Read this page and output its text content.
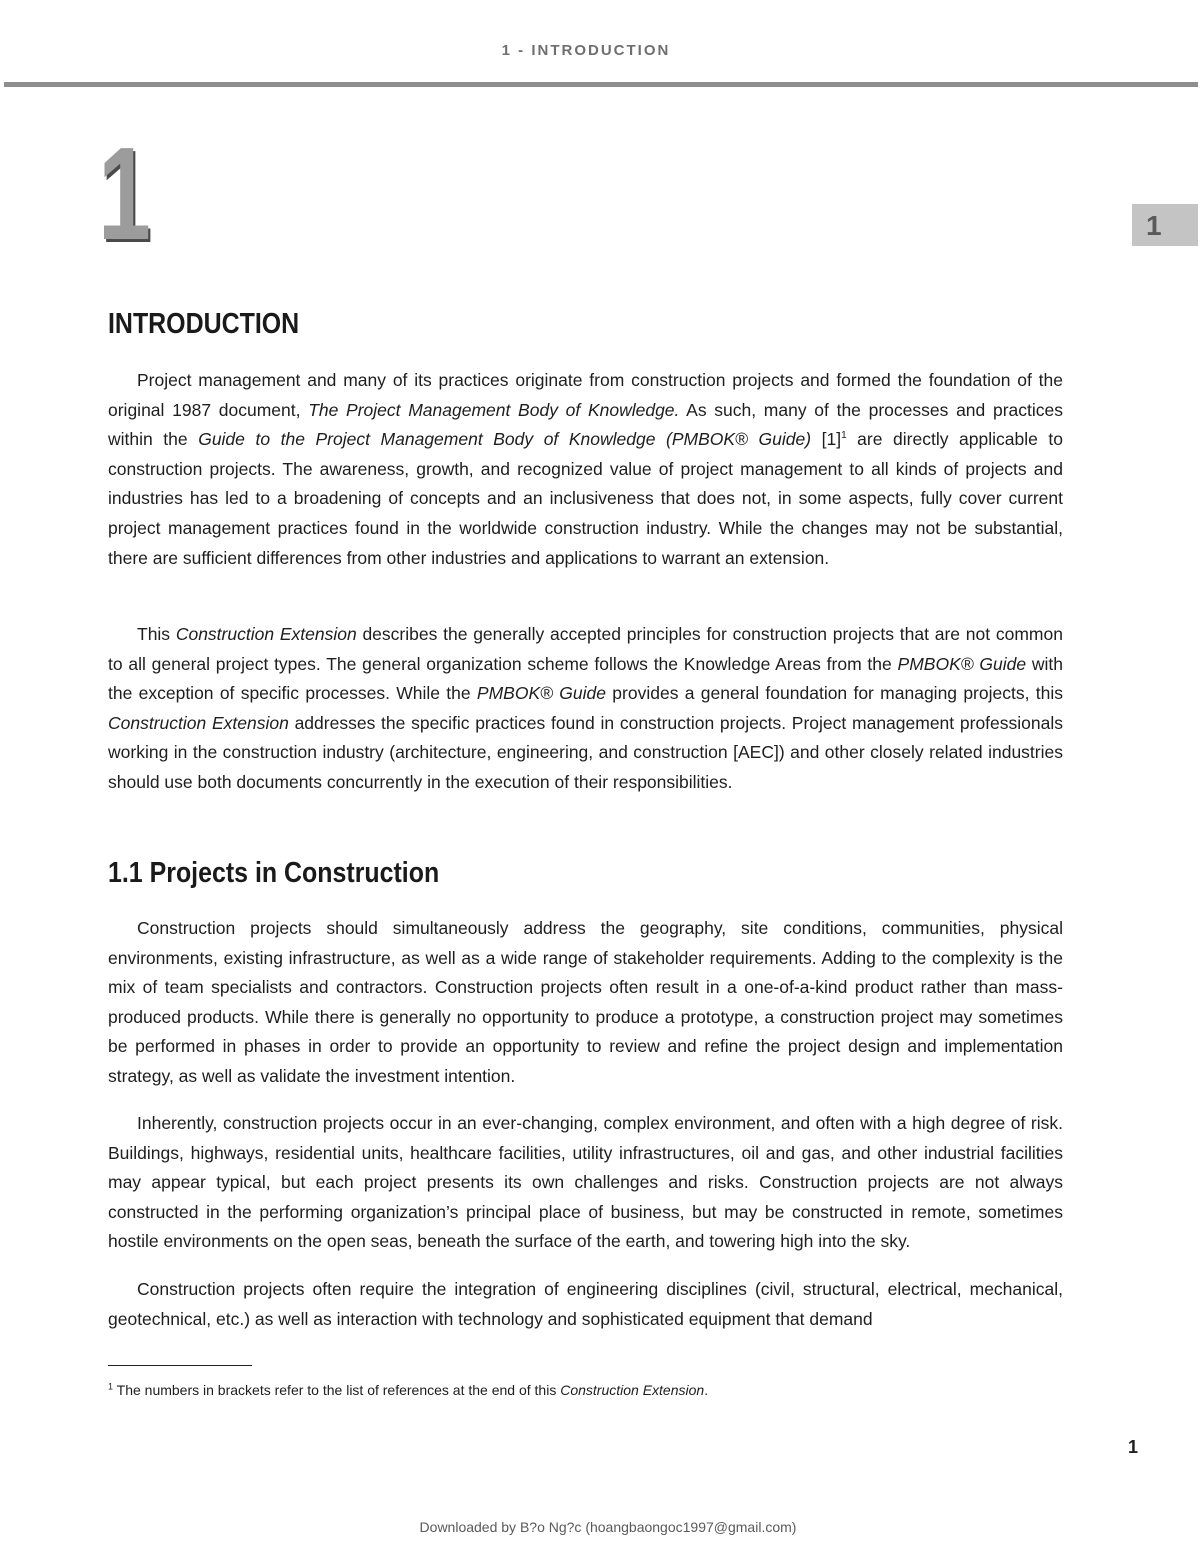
1 - INTRODUCTION
1	1
INTRODUCTION

Project management and many of its practices originate from construction projects and formed the foundation of the original 1987 document, The Project Management Body of Knowledge. As such, many of the processes and practices within the Guide to the Project Management Body of Knowledge (PMBOK® Guide) $[1]^1$ are directly applicable to construction projects. The awareness, growth, and recognized value of project management to all kinds of projects and industries has led to a broadening of concepts and an inclusiveness that does not, in some aspects, fully cover current project management practices found in the worldwide construction industry. While the changes may not be substantial, there are sufficient differences from other industries and applications to warrant an extension.

This Construction Extension describes the generally accepted principles for construction projects that are not common to all general project types. The general organization scheme follows the Knowledge Areas from the PMBOK® Guide with the exception of specific processes. While the PMBOK® Guide provides a general foundation for managing projects, this Construction Extension addresses the specific practices found in construction projects. Project management professionals working in the construction industry (architecture, engineering, and construction [AEC]) and other closely related industries should use both documents concurrently in the execution of their responsibilities.

1.1 Projects in Construction

Construction projects should simultaneously address the geography, site conditions, communities, physical environments, existing infrastructure, as well as a wide range of stakeholder requirements. Adding to the complexity is the mix of team specialists and contractors. Construction projects often result in a one-of-a-kind product rather than mass-produced products. While there is generally no opportunity to produce a prototype, a construction project may sometimes be performed in phases in order to provide an opportunity to review and refine the project design and implementation strategy, as well as validate the investment intention.

Inherently, construction projects occur in an ever-changing, complex environment, and often with a high degree of risk. Buildings, highways, residential units, healthcare facilities, utility infrastructures, oil and gas, and other industrial facilities may appear typical, but each project presents its own challenges and risks. Construction projects are not always constructed in the performing organization’s principal place of business, but may be constructed in remote, sometimes hostile environments on the open seas, beneath the surface of the earth, and towering high into the sky.

Construction projects often require the integration of engineering disciplines (civil, structural, electrical, mechanical, geotechnical, etc.) as well as interaction with technology and sophisticated equipment that demand

$^1$ The numbers in brackets refer to the list of references at the end of this Construction Extension.

1
Downloaded by B?o Ng?c (hoangbaongoc1997@gmail.com)
